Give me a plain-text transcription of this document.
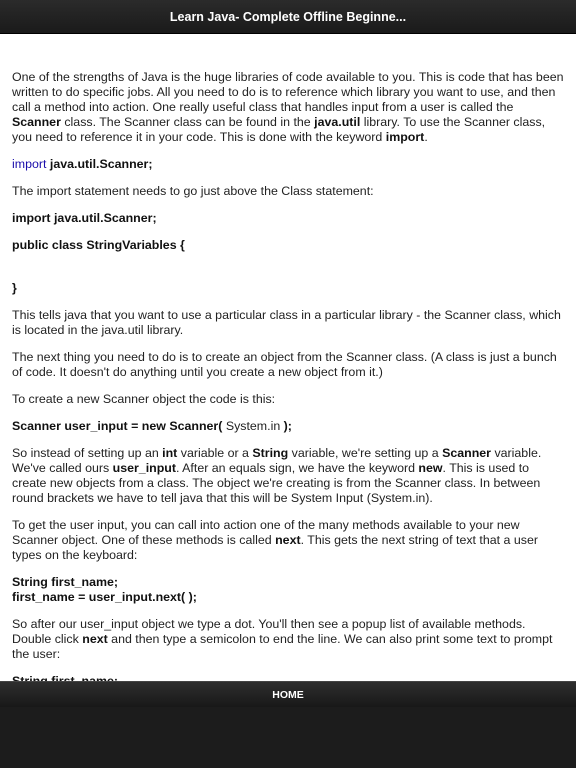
Learn Java- Complete Offline Beginne...

One of the strengths of Java is the huge libraries of code available to you. This is code that has been written to do specific jobs. All you need to do is to reference which library you want to use, and then call a method into action. One really useful class that handles input from a user is called the Scanner class. The Scanner class can be found in the java.util library. To use the Scanner class, you need to reference it in your code. This is done with the keyword import.

import java.util.Scanner;

The import statement needs to go just above the Class statement:

import java.util.Scanner;

public class StringVariables {

}

This tells java that you want to use a particular class in a particular library - the Scanner class, which is located in the java.util library.

The next thing you need to do is to create an object from the Scanner class. (A class is just a bunch of code. It doesn't do anything until you create a new object from it.)

To create a new Scanner object the code is this:

Scanner user_input = new Scanner( System.in );

So instead of setting up an int variable or a String variable, we're setting up a Scanner variable. We've called ours user_input. After an equals sign, we have the keyword new. This is used to create new objects from a class. The object we're creating is from the Scanner class. In between round brackets we have to tell java that this will be System Input (System.in).

To get the user input, you can call into action one of the many methods available to your new Scanner object. One of these methods is called next. This gets the next string of text that a user types on the keyboard:

String first_name;
first_name = user_input.next( );

So after our user_input object we type a dot. You'll then see a popup list of available methods. Double click next and then type a semicolon to end the line. We can also print some text to prompt the user:

HOME
